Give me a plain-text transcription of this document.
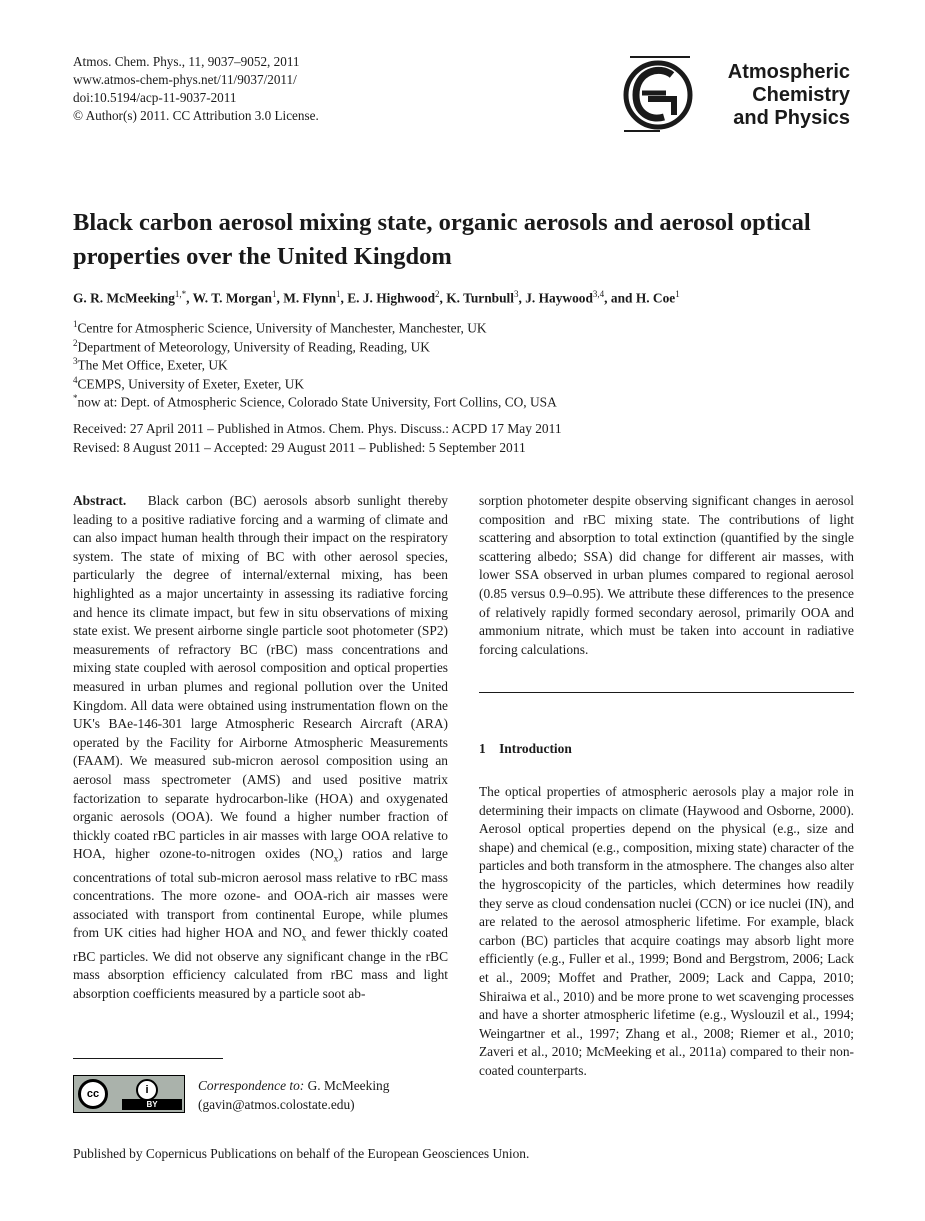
Atmos. Chem. Phys., 11, 9037–9052, 2011
www.atmos-chem-phys.net/11/9037/2011/
doi:10.5194/acp-11-9037-2011
© Author(s) 2011. CC Attribution 3.0 License.
Atmospheric
Chemistry
and Physics
Black carbon aerosol mixing state, organic aerosols and aerosol optical properties over the United Kingdom
G. R. McMeeking$^{1,*}$, W. T. Morgan$^1$, M. Flynn$^1$, E. J. Highwood$^2$, K. Turnbull$^3$, J. Haywood$^{3,4}$, and H. Coe$^1$
$^1$Centre for Atmospheric Science, University of Manchester, Manchester, UK
$^2$Department of Meteorology, University of Reading, Reading, UK
$^3$The Met Office, Exeter, UK
$^4$CEMPS, University of Exeter, Exeter, UK
*now at: Dept. of Atmospheric Science, Colorado State University, Fort Collins, CO, USA
Received: 27 April 2011 – Published in Atmos. Chem. Phys. Discuss.: ACPD 17 May 2011
Revised: 8 August 2011 – Accepted: 29 August 2011 – Published: 5 September 2011

Abstract. Black carbon (BC) aerosols absorb sunlight thereby leading to a positive radiative forcing and a warming of climate and can also impact human health through their impact on the respiratory system. The state of mixing of BC with other aerosol species, particularly the degree of internal/external mixing, has been highlighted as a major uncertainty in assessing its radiative forcing and hence its climate impact, but few in situ observations of mixing state exist. We present airborne single particle soot photometer (SP2) measurements of refractory BC (rBC) mass concentrations and mixing state coupled with aerosol composition and optical properties measured in urban plumes and regional pollution over the United Kingdom. All data were obtained using instrumentation flown on the UK's BAe-146-301 large Atmospheric Research Aircraft (ARA) operated by the Facility for Airborne Atmospheric Measurements (FAAM). We measured sub-micron aerosol composition using an aerosol mass spectrometer (AMS) and used positive matrix factorization to separate hydrocarbon-like (HOA) and oxygenated organic aerosols (OOA). We found a higher number fraction of thickly coated rBC particles in air masses with large OOA relative to HOA, higher ozone-to-nitrogen oxides $(NO_x)$ ratios and large concentrations of total sub-micron aerosol mass relative to rBC mass concentrations. The more ozone- and OOA-rich air masses were associated with transport from continental Europe, while plumes from UK cities had higher HOA and $NO_x$ and fewer thickly coated rBC particles. We did not observe any significant change in the rBC mass absorption efficiency calculated from rBC mass and light absorption coefficients measured by a particle soot ab-

sorption photometer despite observing significant changes in aerosol composition and rBC mixing state. The contributions of light scattering and absorption to total extinction (quantified by the single scattering albedo; SSA) did change for different air masses, with lower SSA observed in urban plumes compared to regional aerosol (0.85 versus 0.9–0.95). We attribute these differences to the presence of relatively rapidly formed secondary aerosol, primarily OOA and ammonium nitrate, which must be taken into account in radiative forcing calculations.

1 Introduction
The optical properties of atmospheric aerosols play a major role in determining their impacts on climate (Haywood and Osborne, 2000). Aerosol optical properties depend on the physical (e.g., size and shape) and chemical (e.g., composition, mixing state) character of the particles and both transform in the atmosphere. The changes also alter the hygroscopicity of the particles, which determines how readily they serve as cloud condensation nuclei (CCN) or ice nuclei (IN), and are related to the aerosol atmospheric lifetime. For example, black carbon (BC) particles that acquire coatings may absorb light more efficiently (e.g., Fuller et al., 1999; Bond and Bergstrom, 2006; Lack et al., 2009; Moffet and Prather, 2009; Lack and Cappa, 2010; Shiraiwa et al., 2010) and be more prone to wet scavenging processes and have a shorter atmospheric lifetime (e.g., Wyslouzil et al., 1994; Weingartner et al., 1997; Zhang et al., 2008; Riemer et al., 2010; Zaveri et al., 2010; McMeeking et al., 2011a) compared to their non-coated counterparts.
cc	i
BY
Correspondence to: G. McMeeking
(gavin@atmos.colostate.edu)
Published by Copernicus Publications on behalf of the European Geosciences Union.
